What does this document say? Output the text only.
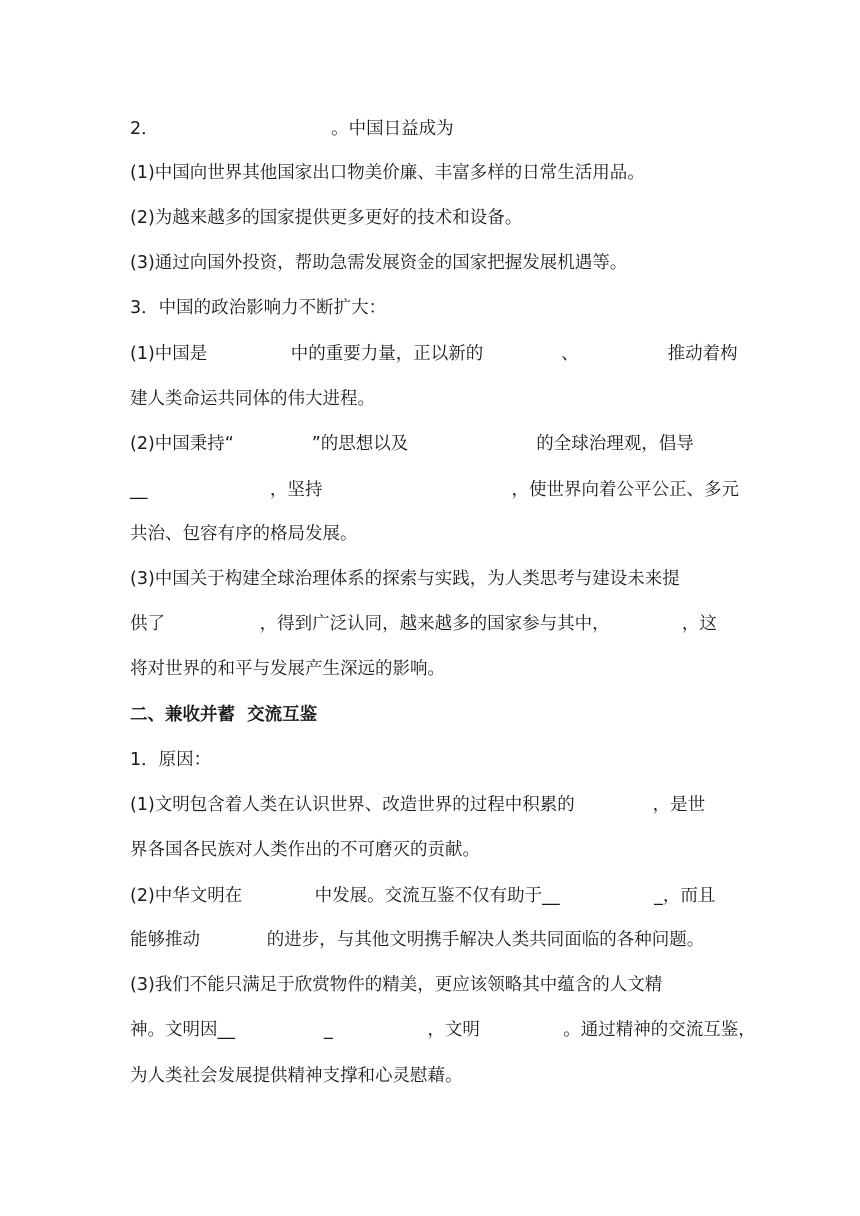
2．                               。中国日益成为
(1)中国向世界其他国家出口物美价廉、丰富多样的日常生活用品。
(2)为越来越多的国家提供更多更好的技术和设备。
(3)通过向国外投资，帮助急需发展资金的国家把握发展机遇等。
3．中国的政治影响力不断扩大：
(1)中国是               中的重要力量，正以新的              、                推动着构
建人类命运共同体的伟大进程。
(2)中国秉持“              ”的思想以及                       的全球治理观，倡导
__                      ，坚持                                  ，使世界向着公平公正、多元
共治、包容有序的格局发展。
(3)中国关于构建全球治理体系的探索与实践，为人类思考与建设未来提
供了                 ，得到广泛认同，越来越多的国家参与其中，             ，这
将对世界的和平与发展产生深远的影响。
二、兼收并蓄  交流互鉴
1．原因：
(1)文明包含着人类在认识世界、改造世界的过程中积累的              ，是世
界各国各民族对人类作出的不可磨灭的贡献。
(2)中华文明在             中发展。交流互鉴不仅有助于__                 _，而且
能够推动            的进步，与其他文明携手解决人类共同面临的各种问题。
(3)我们不能只满足于欣赏物件的精美，更应该领略其中蕴含的人文精
神。文明因__                _                 ，文明               。通过精神的交流互鉴，
为人类社会发展提供精神支撑和心灵慰藉。
